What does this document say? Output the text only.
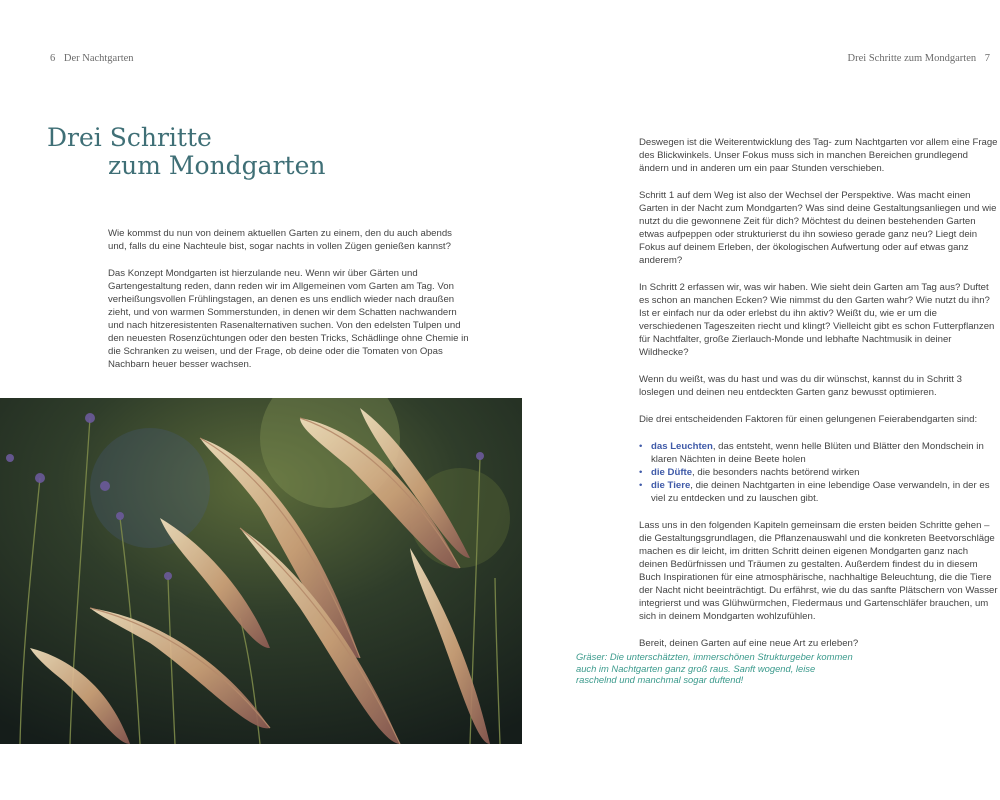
6 Der Nachtgarten	Drei Schritte zum Mondgarten 7
Drei Schritte
zum Mondgarten

Wie kommst du nun von deinem aktuellen Garten zu einem, den du auch abends und, falls du eine Nachteule bist, sogar nachts in vollen Zügen genießen kannst?

Das Konzept Mondgarten ist hierzulande neu. Wenn wir über Gärten und Gartengestaltung reden, dann reden wir im Allgemeinen vom Garten am Tag. Von verheißungsvollen Frühlingstagen, an denen es uns endlich wieder nach draußen zieht, und von warmen Sommerstunden, in denen wir dem Schatten nachwandern und nach hitzeresistenten Rasenalternativen suchen. Von den edelsten Tulpen und den neuesten Rosenzüchtungen oder den besten Tricks, Schädlinge ohne Chemie in die Schranken zu weisen, und der Frage, ob deine oder die Tomaten von Opas Nachbarn heuer besser wachsen.

Deswegen ist die Weiterentwicklung des Tag- zum Nachtgarten vor allem eine Frage des Blickwinkels. Unser Fokus muss sich in manchen Bereichen grundlegend ändern und in anderen um ein paar Stunden verschieben.

Schritt 1 auf dem Weg ist also der Wechsel der Perspektive. Was macht einen Garten in der Nacht zum Mondgarten? Was sind deine Gestaltungsanliegen und wie nutzt du die gewonnene Zeit für dich? Möchtest du deinen bestehenden Garten etwas aufpeppen oder strukturierst du ihn sowieso gerade ganz neu? Liegt dein Fokus auf deinem Erleben, der ökologischen Aufwertung oder auf etwas ganz anderem?

In Schritt 2 erfassen wir, was wir haben. Wie sieht dein Garten am Tag aus? Duftet es schon an manchen Ecken? Wie nimmst du den Garten wahr? Wie nutzt du ihn? Ist er einfach nur da oder erlebst du ihn aktiv? Weißt du, wie er um die verschiedenen Tageszeiten riecht und klingt? Vielleicht gibt es schon Futterpflanzen für Nachtfalter, große Zierlauch-Monde und lebhafte Nachtmusik in deiner Wildhecke?

Wenn du weißt, was du hast und was du dir wünschst, kannst du in Schritt 3 loslegen und deinen neu entdeckten Garten ganz bewusst optimieren.

Die drei entscheidenden Faktoren für einen gelungenen Feierabendgarten sind:

• das Leuchten, das entsteht, wenn helle Blüten und Blätter den Mondschein in klaren Nächten in deine Beete holen
• die Düfte, die besonders nachts betörend wirken
• die Tiere, die deinen Nachtgarten in eine lebendige Oase verwandeln, in der es viel zu entdecken und zu lauschen gibt.

Lass uns in den folgenden Kapiteln gemeinsam die ersten beiden Schritte gehen – die Gestaltungsgrundlagen, die Pflanzenauswahl und die konkreten Beetvorschläge machen es dir leicht, im dritten Schritt deinen eigenen Mondgarten ganz nach deinen Bedürfnissen und Träumen zu gestalten. Außerdem findest du in diesem Buch Inspirationen für eine atmosphärische, nachhaltige Beleuchtung, die die Tiere der Nacht nicht beeinträchtigt. Du erfährst, wie du das sanfte Plätschern von Wasser integrierst und was Glühwürmchen, Fledermaus und Gartenschläfer brauchen, um sich in deinem Mondgarten wohlzufühlen.

Bereit, deinen Garten auf eine neue Art zu erleben?

Gräser: Die unterschätzten, immerschönen Strukturgeber kommen auch im Nachtgarten ganz groß raus. Sanft wogend, leise raschelnd und manchmal sogar duftend!
